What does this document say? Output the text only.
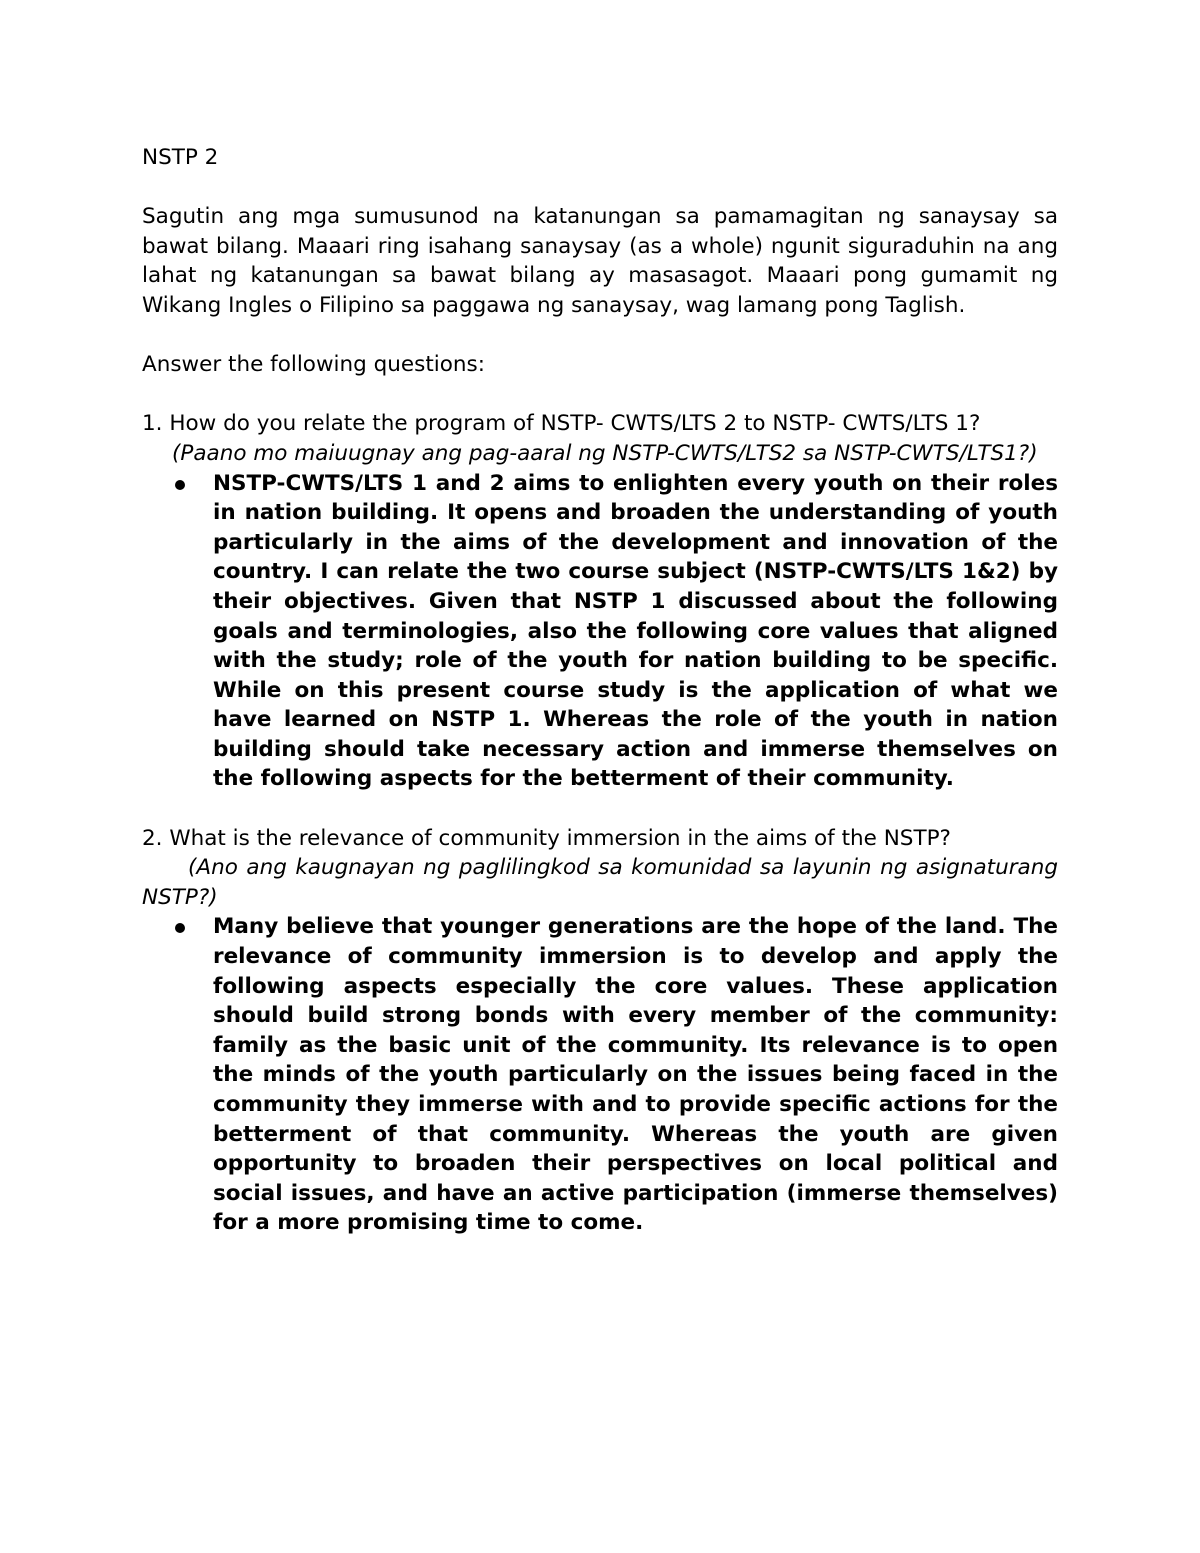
NSTP 2

Sagutin ang mga sumusunod na katanungan sa pamamagitan ng sanaysay sa bawat bilang. Maaari ring isahang sanaysay (as a whole) ngunit siguraduhin na ang lahat ng katanungan sa bawat bilang ay masasagot. Maaari pong gumamit ng Wikang Ingles o Filipino sa paggawa ng sanaysay, wag lamang pong Taglish.

Answer the following questions:

1. How do you relate the program of NSTP- CWTS/LTS 2 to NSTP- CWTS/LTS 1?

(Paano mo maiuugnay ang pag-aaral ng NSTP-CWTS/LTS2 sa NSTP-CWTS/LTS1?)

NSTP-CWTS/LTS 1 and 2 aims to enlighten every youth on their roles in nation building. It opens and broaden the understanding of youth particularly in the aims of the development and innovation of the country. I can relate the two course subject (NSTP-CWTS/LTS 1&2) by their objectives. Given that NSTP 1 discussed about the following goals and terminologies, also the following core values that aligned with the study; role of the youth for nation building to be specific. While on this present course study is the application of what we have learned on NSTP 1. Whereas the role of the youth in nation building should take necessary action and immerse themselves on the following aspects for the betterment of their community.

2. What is the relevance of community immersion in the aims of the NSTP?

(Ano ang kaugnayan ng paglilingkod sa komunidad sa layunin ng asignaturang NSTP?)

Many believe that younger generations are the hope of the land. The relevance of community immersion is to develop and apply the following aspects especially the core values. These application should build strong bonds with every member of the community: family as the basic unit of the community. Its relevance is to open the minds of the youth particularly on the issues being faced in the community they immerse with and to provide specific actions for the betterment of that community. Whereas the youth are given opportunity to broaden their perspectives on local political and social issues, and have an active participation (immerse themselves) for a more promising time to come.
